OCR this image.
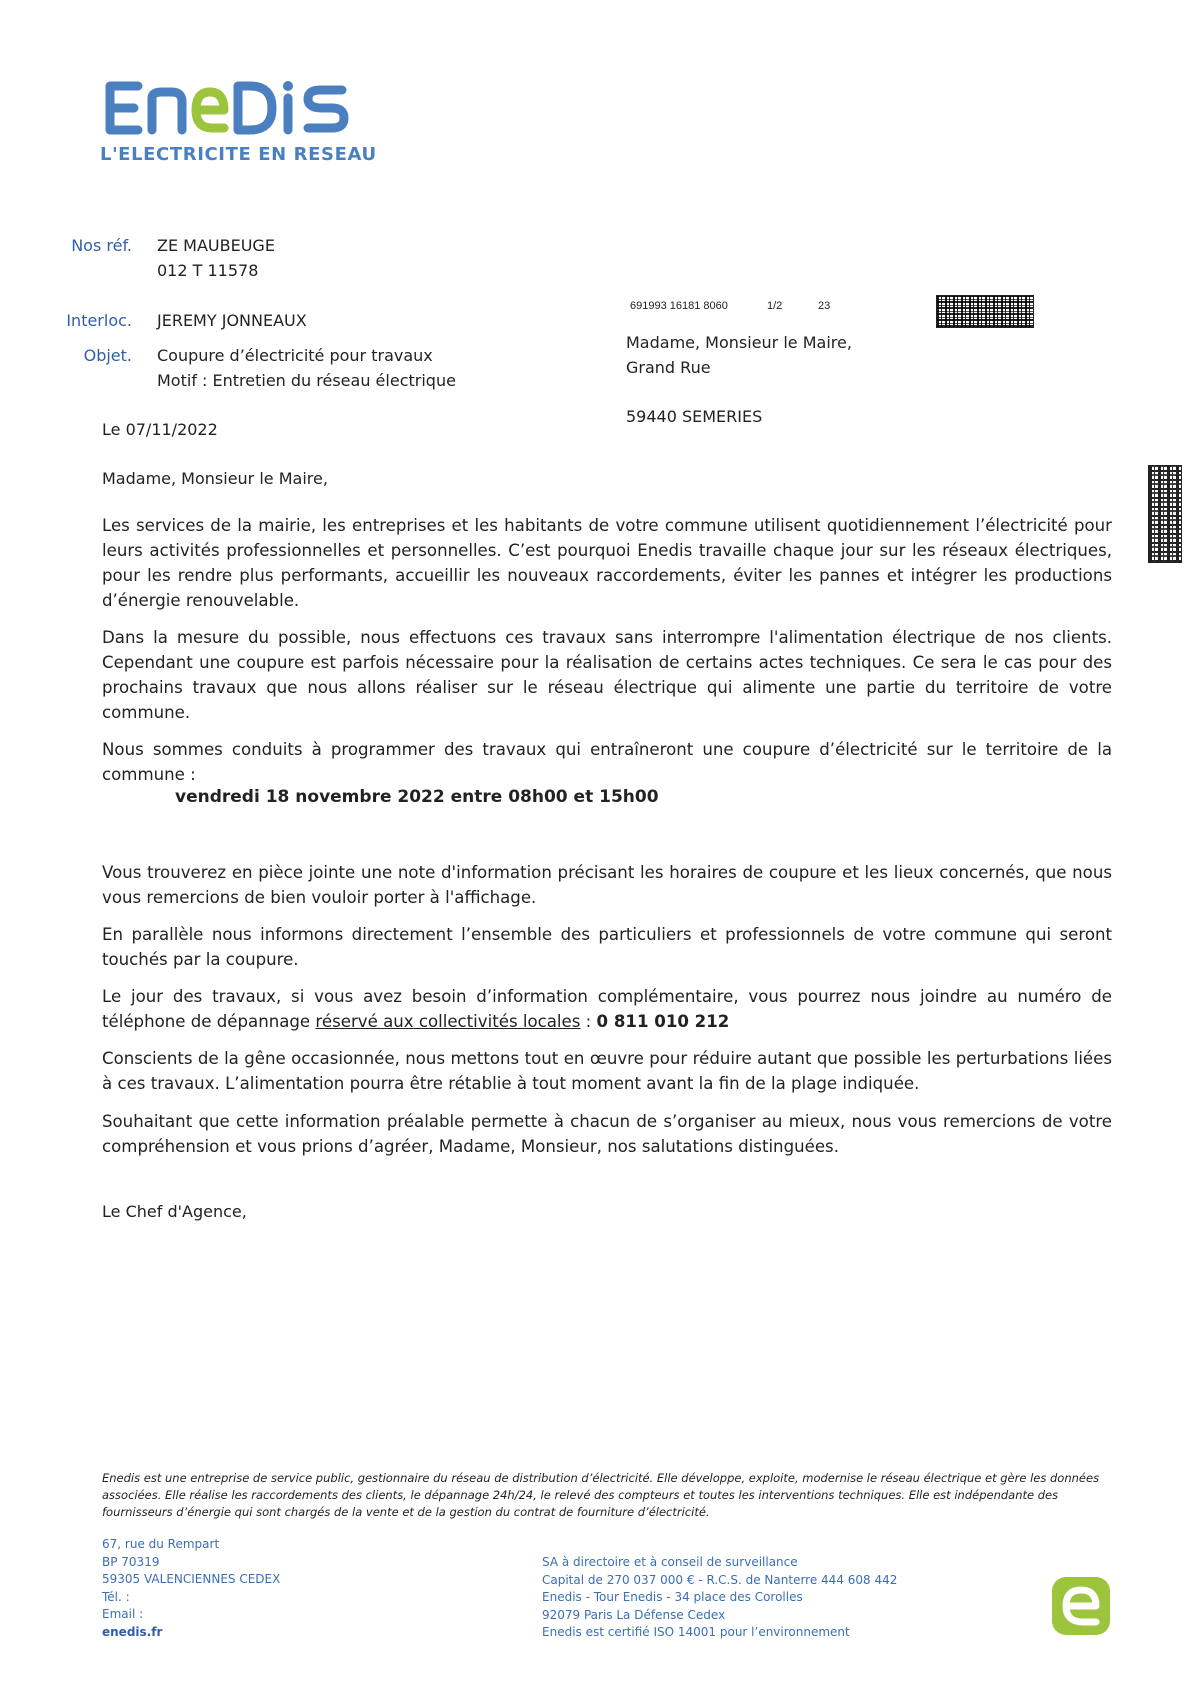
L'ELECTRICITE EN RESEAU
Nos réf. ZE MAUBEUGE
012 T 11578
Interloc. JEREMY JONNEAUX
Objet. Coupure d’électricité pour travaux
Motif : Entretien du réseau électrique
Le 07/11/2022
691993 16181 8060	1/2	23
Madame, Monsieur le Maire,
Grand Rue
59440 SEMERIES
Madame, Monsieur le Maire,

Les services de la mairie, les entreprises et les habitants de votre commune utilisent quotidiennement l’électricité pour leurs activités professionnelles et personnelles. C’est pourquoi Enedis travaille chaque jour sur les réseaux électriques, pour les rendre plus performants, accueillir les nouveaux raccordements, éviter les pannes et intégrer les productions d’énergie renouvelable.

Dans la mesure du possible, nous effectuons ces travaux sans interrompre l'alimentation électrique de nos clients. Cependant une coupure est parfois nécessaire pour la réalisation de certains actes techniques. Ce sera le cas pour des prochains travaux que nous allons réaliser sur le réseau électrique qui alimente une partie du territoire de votre commune.

Nous sommes conduits à programmer des travaux qui entraîneront une coupure d’électricité sur le territoire de la commune :

vendredi 18 novembre 2022 entre 08h00 et 15h00

Vous trouverez en pièce jointe une note d'information précisant les horaires de coupure et les lieux concernés, que nous vous remercions de bien vouloir porter à l'affichage.

En parallèle nous informons directement l’ensemble des particuliers et professionnels de votre commune qui seront touchés par la coupure.

Le jour des travaux, si vous avez besoin d’information complémentaire, vous pourrez nous joindre au numéro de téléphone de dépannage réservé aux collectivités locales : 0 811 010 212

Conscients de la gêne occasionnée, nous mettons tout en œuvre pour réduire autant que possible les perturbations liées à ces travaux. L’alimentation pourra être rétablie à tout moment avant la fin de la plage indiquée.

Souhaitant que cette information préalable permette à chacun de s’organiser au mieux, nous vous remercions de votre compréhension et vous prions d’agréer, Madame, Monsieur, nos salutations distinguées.

Le Chef d'Agence,

Enedis est une entreprise de service public, gestionnaire du réseau de distribution d’électricité. Elle développe, exploite, modernise le réseau électrique et gère les données associées. Elle réalise les raccordements des clients, le dépannage 24h/24, le relevé des compteurs et toutes les interventions techniques. Elle est indépendante des fournisseurs d’énergie qui sont chargés de la vente et de la gestion du contrat de fourniture d’électricité.

67, rue du Rempart
BP 70319
59305 VALENCIENNES CEDEX
Tél. :
Email :
enedis.fr
SA à directoire et à conseil de surveillance
Capital de 270 037 000 € - R.C.S. de Nanterre 444 608 442
Enedis - Tour Enedis - 34 place des Corolles
92079 Paris La Défense Cedex
Enedis est certifié ISO 14001 pour l’environnement
